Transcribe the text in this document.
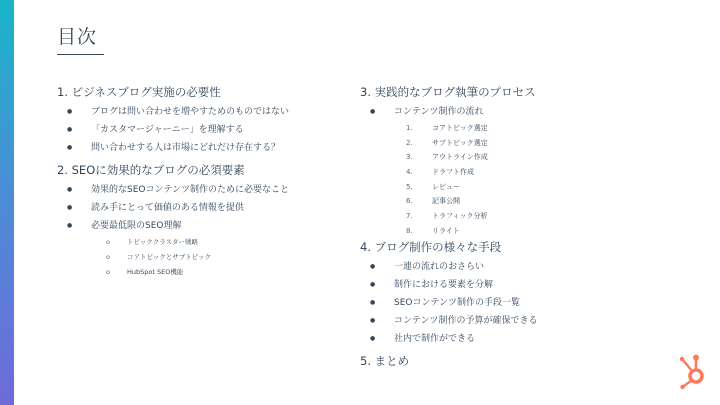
目次
1. ビジネスブログ実施の必要性
● ブログは問い合わせを増やすためのものではない
● 「カスタマージャーニー」を理解する
● 問い合わせする人は市場にどれだけ存在する？
2. SEOに効果的なブログの必須要素
● 効果的なSEOコンテンツ制作のために必要なこと
● 読み手にとって価値のある情報を提供
● 必要最低限のSEO理解
o トピッククラスター戦略
o コアトピックとサブトピック
o HubSpot SEO機能
3. 実践的なブログ執筆のプロセス
● コンテンツ制作の流れ
1.	コアトピック選定
2.	サブトピック選定
3.	アウトライン作成
4.	ドラフト作成
5.	レビュー
6.	記事公開
7.	トラフィック分析
8.	リライト
4. ブログ制作の様々な手段
● 一連の流れのおさらい
● 制作における要素を分解
● SEOコンテンツ制作の手段一覧
● コンテンツ制作の予算が確保できる
● 社内で制作ができる
5. まとめ
